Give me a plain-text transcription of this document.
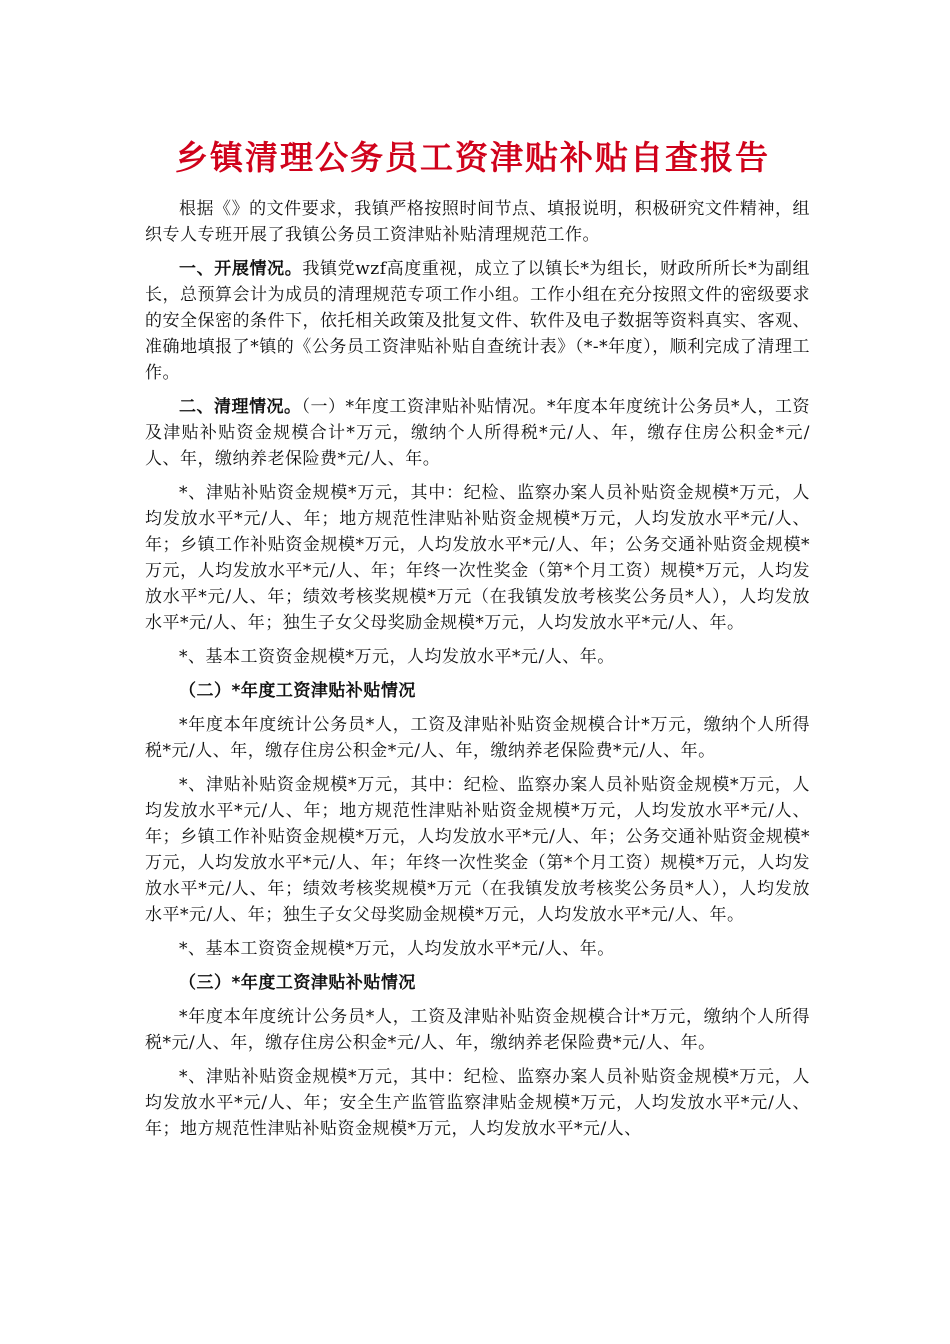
乡镇清理公务员工资津贴补贴自查报告

根据《》的文件要求，我镇严格按照时间节点、填报说明，积极研究文件精神，组织专人专班开展了我镇公务员工资津贴补贴清理规范工作。

一、开展情况。我镇党wzf高度重视，成立了以镇长*为组长，财政所所长*为副组长，总预算会计为成员的清理规范专项工作小组。工作小组在充分按照文件的密级要求的安全保密的条件下，依托相关政策及批复文件、软件及电子数据等资料真实、客观、准确地填报了*镇的《公务员工资津贴补贴自查统计表》（*-*年度），顺利完成了清理工作。

二、清理情况。（一）*年度工资津贴补贴情况。*年度本年度统计公务员*人，工资及津贴补贴资金规模合计*万元，缴纳个人所得税*元/人、年，缴存住房公积金*元/人、年，缴纳养老保险费*元/人、年。

*、津贴补贴资金规模*万元，其中：纪检、监察办案人员补贴资金规模*万元，人均发放水平*元/人、年；地方规范性津贴补贴资金规模*万元，人均发放水平*元/人、年；乡镇工作补贴资金规模*万元，人均发放水平*元/人、年；公务交通补贴资金规模*万元，人均发放水平*元/人、年；年终一次性奖金（第*个月工资）规模*万元，人均发放水平*元/人、年；绩效考核奖规模*万元（在我镇发放考核奖公务员*人），人均发放水平*元/人、年；独生子女父母奖励金规模*万元，人均发放水平*元/人、年。

*、基本工资资金规模*万元，人均发放水平*元/人、年。

（二）*年度工资津贴补贴情况

*年度本年度统计公务员*人，工资及津贴补贴资金规模合计*万元，缴纳个人所得税*元/人、年，缴存住房公积金*元/人、年，缴纳养老保险费*元/人、年。

*、津贴补贴资金规模*万元，其中：纪检、监察办案人员补贴资金规模*万元，人均发放水平*元/人、年；地方规范性津贴补贴资金规模*万元，人均发放水平*元/人、年；乡镇工作补贴资金规模*万元，人均发放水平*元/人、年；公务交通补贴资金规模*万元，人均发放水平*元/人、年；年终一次性奖金（第*个月工资）规模*万元，人均发放水平*元/人、年；绩效考核奖规模*万元（在我镇发放考核奖公务员*人），人均发放水平*元/人、年；独生子女父母奖励金规模*万元，人均发放水平*元/人、年。

*、基本工资资金规模*万元，人均发放水平*元/人、年。

（三）*年度工资津贴补贴情况

*年度本年度统计公务员*人，工资及津贴补贴资金规模合计*万元，缴纳个人所得税*元/人、年，缴存住房公积金*元/人、年，缴纳养老保险费*元/人、年。

*、津贴补贴资金规模*万元，其中：纪检、监察办案人员补贴资金规模*万元，人均发放水平*元/人、年；安全生产监管监察津贴金规模*万元，人均发放水平*元/人、年；地方规范性津贴补贴资金规模*万元，人均发放水平*元/人、
